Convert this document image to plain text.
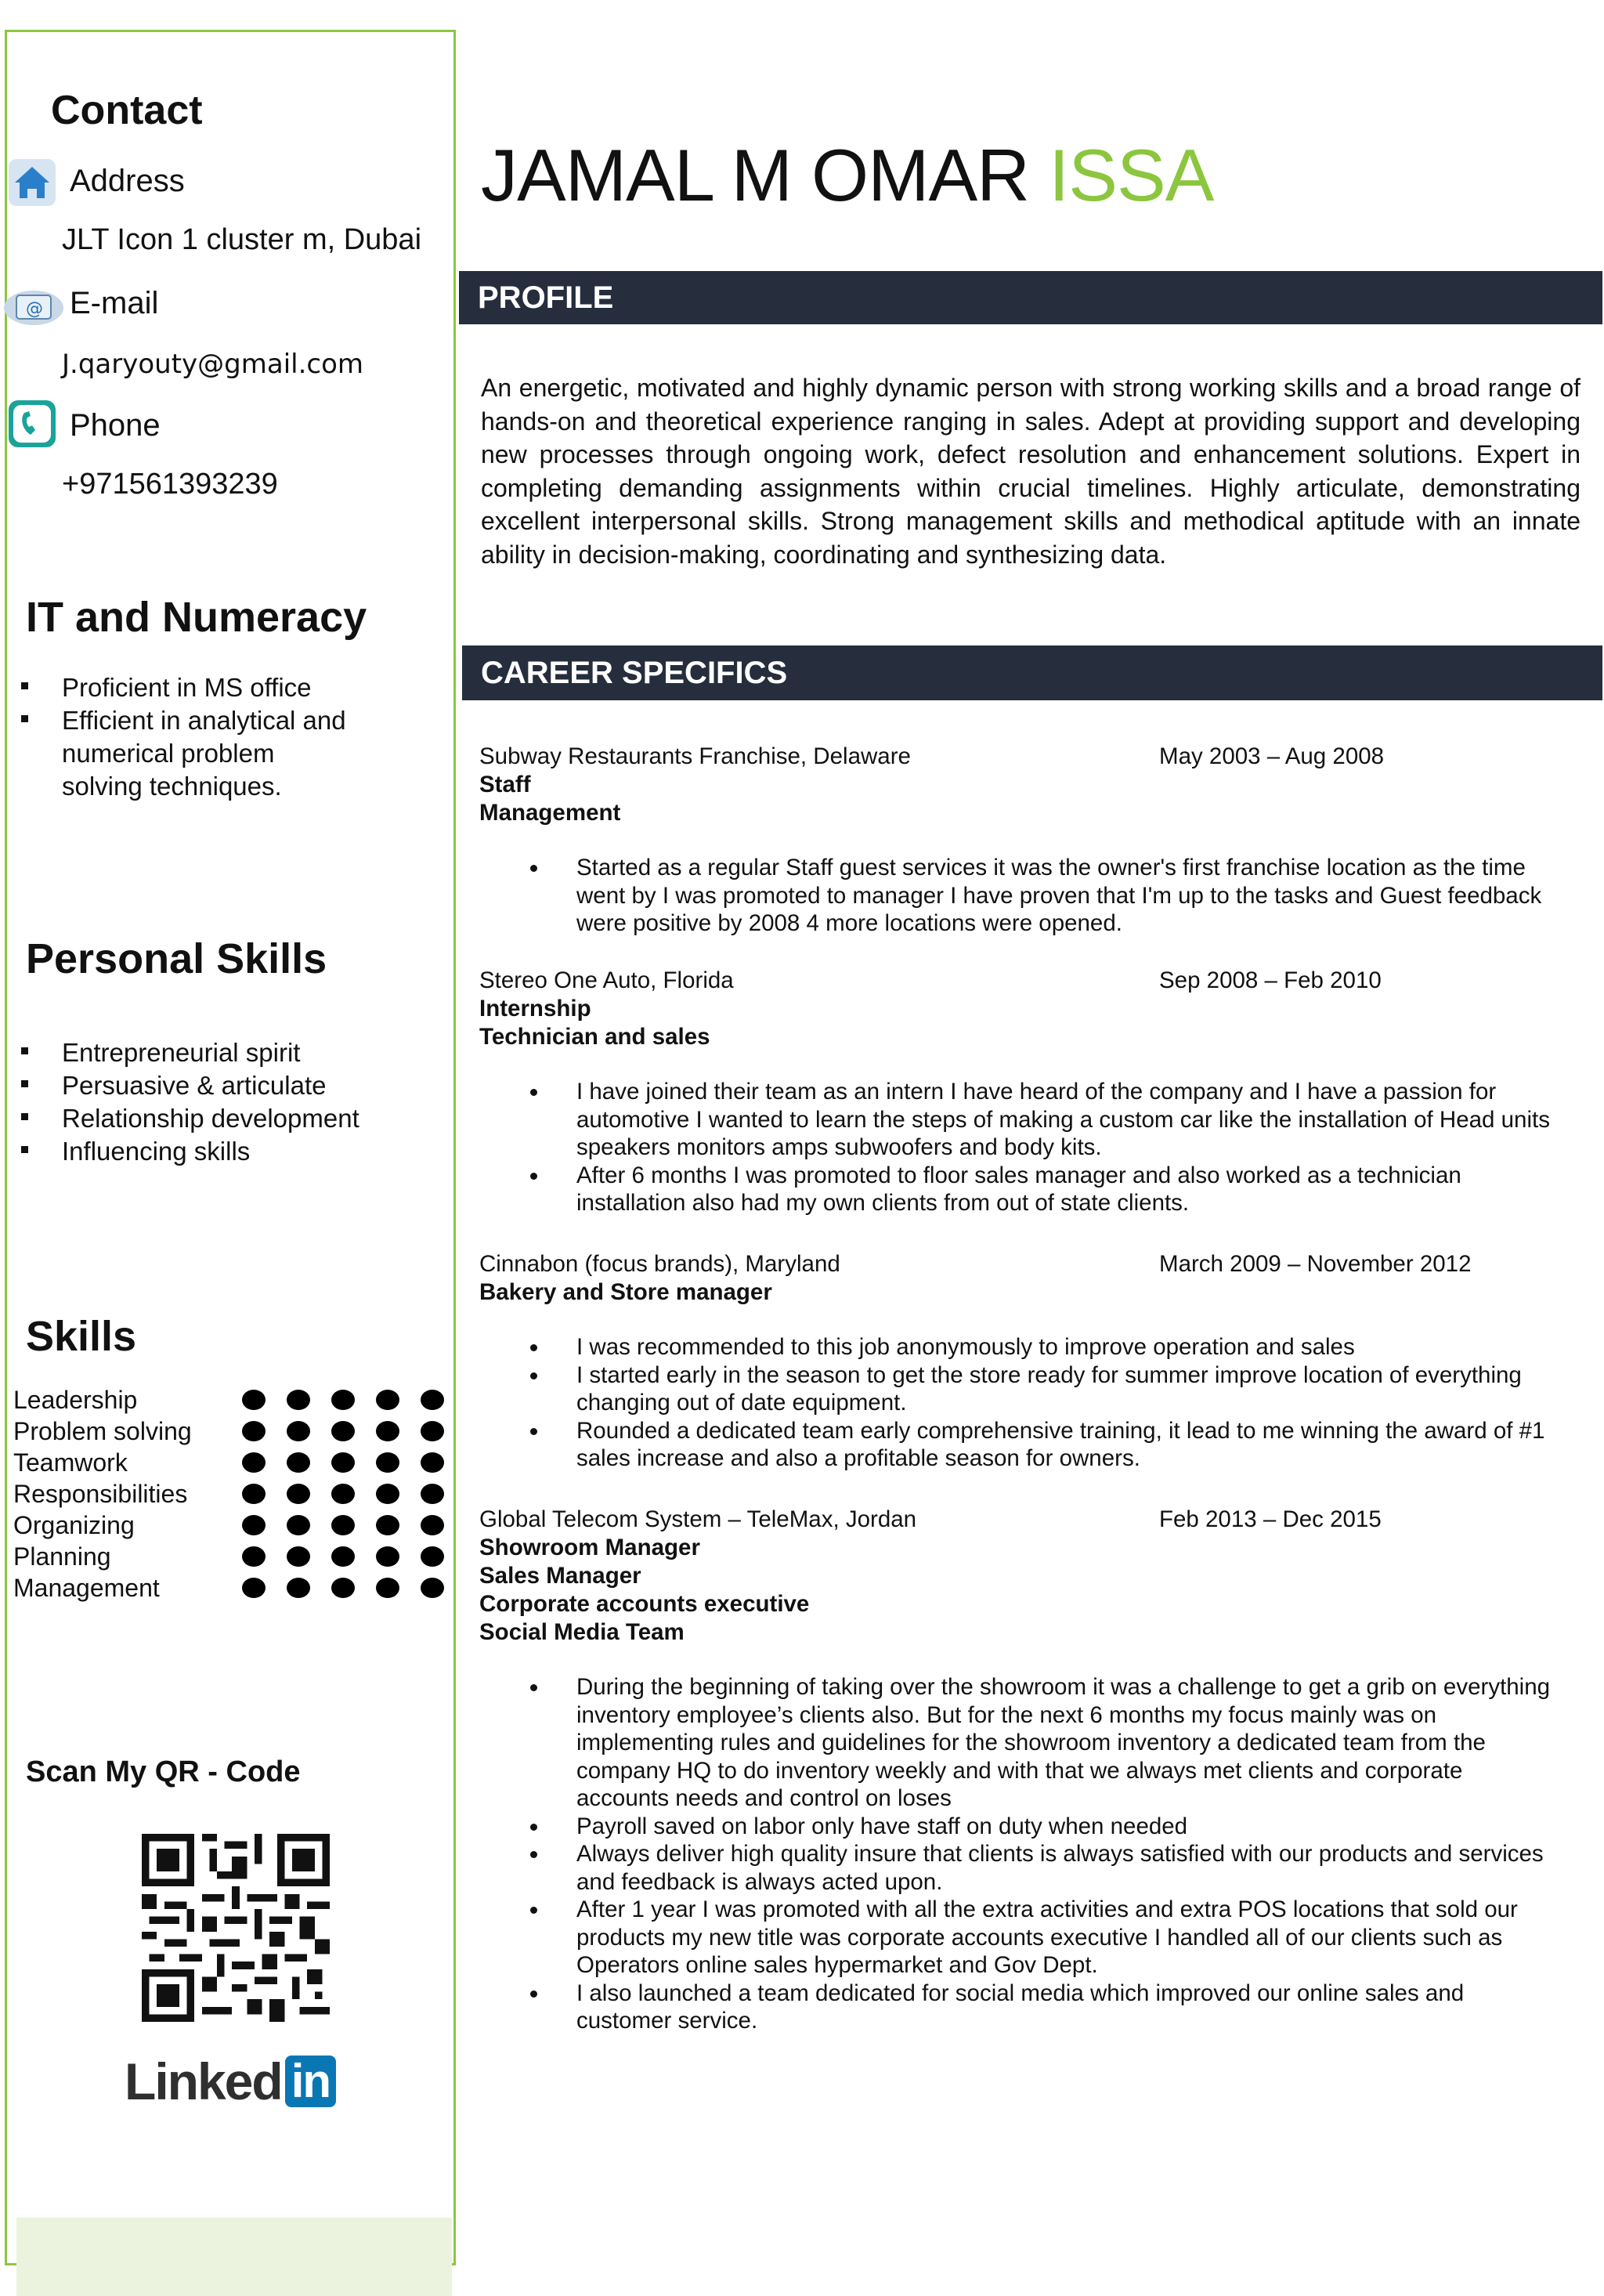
Contact
Address
JLT Icon 1 cluster m, Dubai
@ E-mail
J.qaryouty@gmail.com
Phone
+971561393239
IT and Numeracy
Proficient in MS office
Efficient in analytical and numerical problem solving techniques.
Personal Skills
Entrepreneurial spirit
Persuasive & articulate
Relationship development
Influencing skills
Skills
Leadership
Problem solving
Teamwork
Responsibilities
Organizing
Planning
Management
Scan My QR - Code
Linked in
JAMAL M OMAR ISSA
PROFILE
An energetic, motivated and highly dynamic person with strong working skills and a broad range of hands-on and theoretical experience ranging in sales. Adept at providing support and developing new processes through ongoing work, defect resolution and enhancement solutions. Expert in completing demanding assignments within crucial timelines. Highly articulate, demonstrating excellent interpersonal skills. Strong management skills and methodical aptitude with an innate ability in decision-making, coordinating and synthesizing data.
CAREER SPECIFICS
Subway Restaurants Franchise, Delaware	May 2003 – Aug 2008
Staff
Management
Started as a regular Staff guest services it was the owner's first franchise location as the time went by I was promoted to manager I have proven that I'm up to the tasks and Guest feedback were positive by 2008 4 more locations were opened.
Stereo One Auto, Florida	Sep 2008 – Feb 2010
Internship
Technician and sales
I have joined their team as an intern I have heard of the company and I have a passion for automotive I wanted to learn the steps of making a custom car like the installation of Head units speakers monitors amps subwoofers and body kits.
After 6 months I was promoted to floor sales manager and also worked as a technician installation also had my own clients from out of state clients.
Cinnabon (focus brands), Maryland	March 2009 – November 2012
Bakery and Store manager
I was recommended to this job anonymously to improve operation and sales
I started early in the season to get the store ready for summer improve location of everything changing out of date equipment.
Rounded a dedicated team early comprehensive training, it lead to me winning the award of #1 sales increase and also a profitable season for owners.
Global Telecom System – TeleMax, Jordan	Feb 2013 – Dec 2015
Showroom Manager
Sales Manager
Corporate accounts executive
Social Media Team
During the beginning of taking over the showroom it was a challenge to get a grib on everything inventory employee’s clients also. But for the next 6 months my focus mainly was on implementing rules and guidelines for the showroom inventory a dedicated team from the company HQ to do inventory weekly and with that we always met clients and corporate accounts needs and control on loses
Payroll saved on labor only have staff on duty when needed
Always deliver high quality insure that clients is always satisfied with our products and services and feedback is always acted upon.
After 1 year I was promoted with all the extra activities and extra POS locations that sold our products my new title was corporate accounts executive I handled all of our clients such as Operators online sales hypermarket and Gov Dept.
I also launched a team dedicated for social media which improved our online sales and customer service.
